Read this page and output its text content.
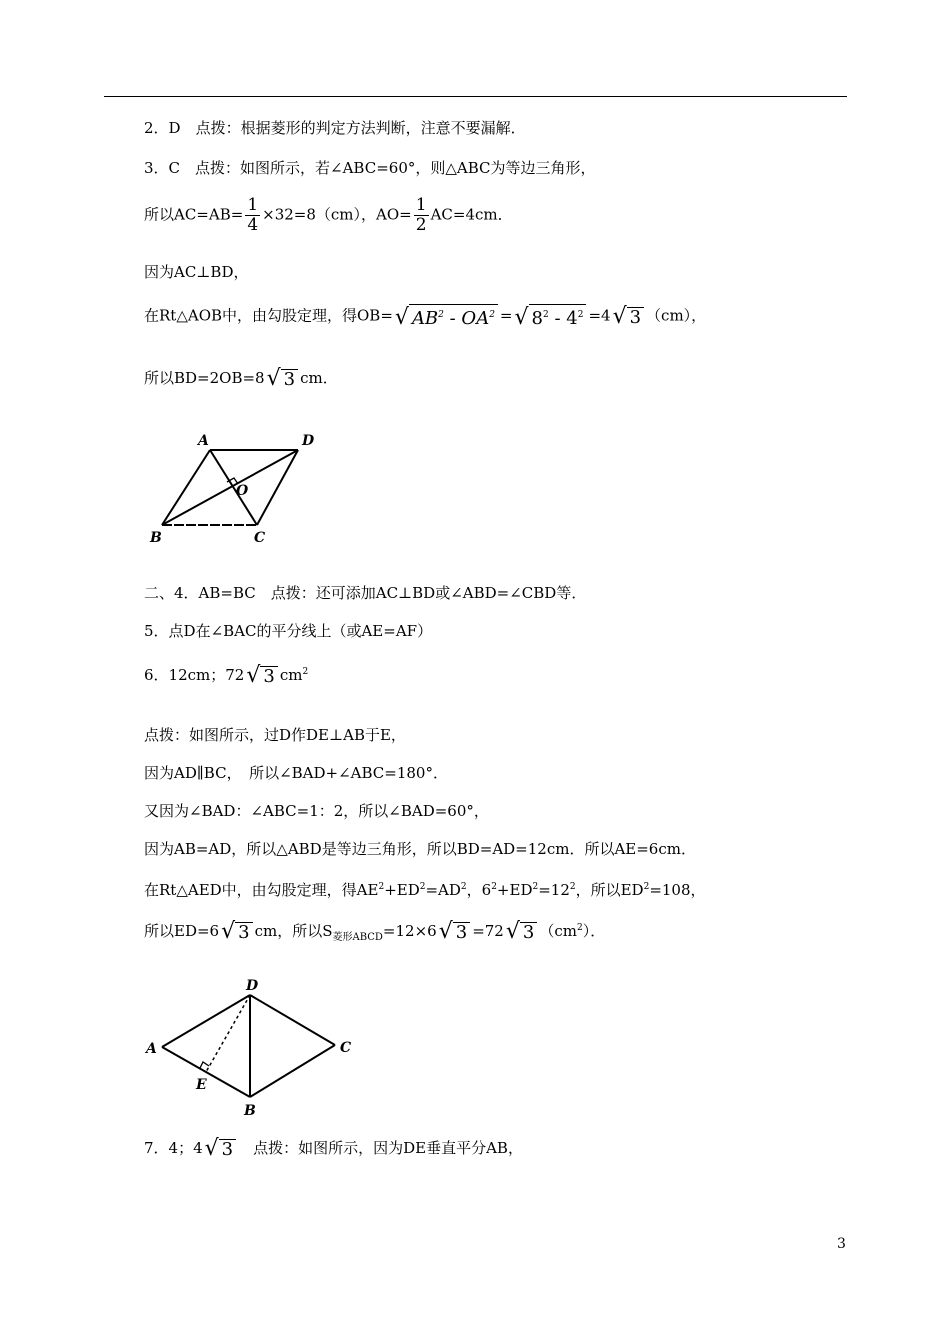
2．D　点拨：根据菱形的判定方法判断，注意不要漏解．
3．C　点拨：如图所示，若∠ABC=60°，则△ABC为等边三角形，
所以$AC=AB= \frac{1}{4} \times 32=8(cm)$，$AO= \frac{1}{2} AC=4cm$．
因为AC⊥BD，
在Rt△AOB中，由勾股定理，得OB= √ $AB^2 - OA^2$ = √ $8^2 - 4^2 =4$ √ 3 （cm），
所以BD=2OB=8 √ 3 cm．
A	D
O
B	C
二、4．AB=BC　点拨：还可添加AC⊥BD或∠ABD=∠CBD等．
5．点D在∠BAC的平分线上（或AE=AF）
6．12cm；72 √ 3 $cm^2$
点拨：如图所示，过D作DE⊥AB于E，
因为AD∥BC，　所以∠BAD+∠ABC=180°．
又因为∠BAD：∠ABC=1：2，所以∠BAD=60°，
因为AB=AD，所以△ABD是等边三角形，所以BD=AD=12cm．所以AE=6cm．
在Rt△AED中，由勾股定理，得$AE^2+ED^2=AD^2$，$6^2+ED^2=12^2$，所以$ED^2=108$，
所以ED=6 √ 3 cm，所以$S_{菱形ABCD}=12\times 6$ √ 3 =72 √ 3 $(cm^2)$．
A
D
C
E
B
7．4；4 √ 3 　点拨：如图所示，因为DE垂直平分AB，
3
